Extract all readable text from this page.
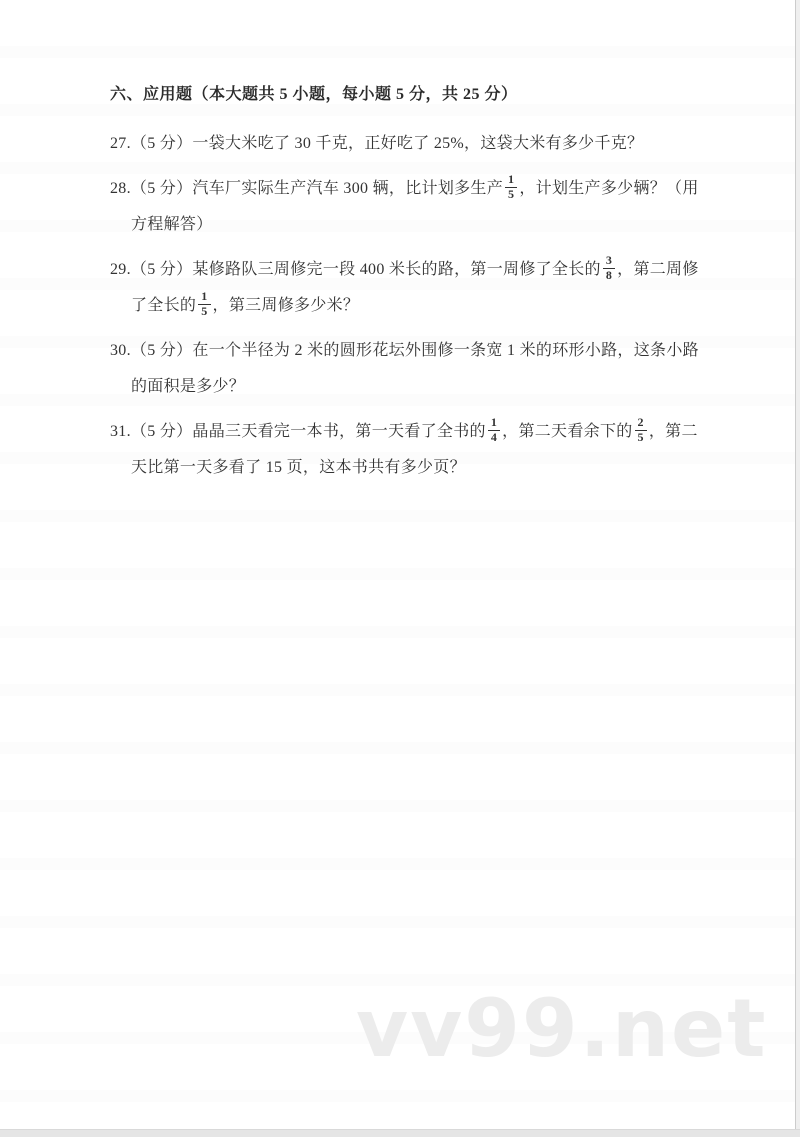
六、应用题（本大题共 5 小题，每小题 5 分，共 25 分）

27.（5 分）一袋大米吃了 30 千克，正好吃了 25%，这袋大米有多少千克？

28.（5 分）汽车厂实际生产汽车 300 辆，比计划多生产 $\frac{1}{5}$ ，计划生产多少辆？（用方程解答）

29.（5 分）某修路队三周修完一段 400 米长的路，第一周修了全长的 $\frac{3}{8}$ ，第二周修了全长的 $\frac{1}{5}$ ，第三周修多少米？

30.（5 分）在一个半径为 2 米的圆形花坛外围修一条宽 1 米的环形小路，这条小路的面积是多少？

31.（5 分）晶晶三天看完一本书，第一天看了全书的 $\frac{1}{4}$ ，第二天看余下的 $\frac{2}{5}$ ，第二天比第一天多看了 15 页，这本书共有多少页？

vv99.net
